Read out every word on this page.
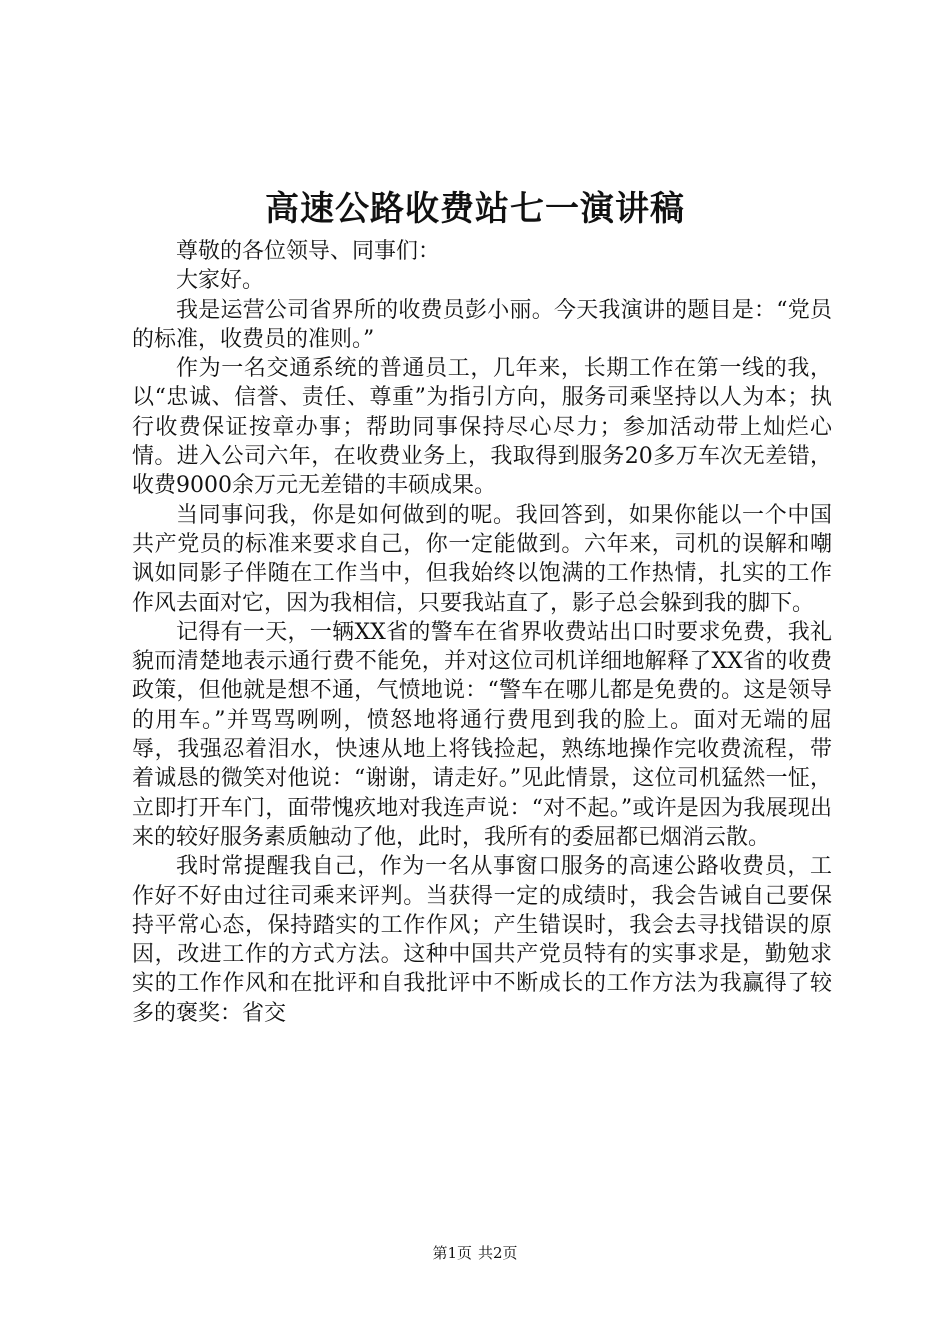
高速公路收费站七一演讲稿

尊敬的各位领导、同事们：

大家好。

我是运营公司省界所的收费员彭小丽。今天我演讲的题目是：“党员的标准，收费员的准则。”

作为一名交通系统的普通员工，几年来，长期工作在第一线的我，以“忠诚、信誉、责任、尊重”为指引方向，服务司乘坚持以人为本；执行收费保证按章办事；帮助同事保持尽心尽力；参加活动带上灿烂心情。进入公司六年，在收费业务上，我取得到服务20多万车次无差错，收费9000余万元无差错的丰硕成果。

当同事问我，你是如何做到的呢。我回答到，如果你能以一个中国共产党员的标准来要求自己，你一定能做到。六年来，司机的误解和嘲讽如同影子伴随在工作当中，但我始终以饱满的工作热情，扎实的工作作风去面对它，因为我相信，只要我站直了，影子总会躲到我的脚下。

记得有一天，一辆XX省的警车在省界收费站出口时要求免费，我礼貌而清楚地表示通行费不能免，并对这位司机详细地解释了XX省的收费政策，但他就是想不通，气愤地说：“警车在哪儿都是免费的。这是领导的用车。”并骂骂咧咧，愤怒地将通行费甩到我的脸上。面对无端的屈辱，我强忍着泪水，快速从地上将钱捡起，熟练地操作完收费流程，带着诚恳的微笑对他说：“谢谢，请走好。”见此情景，这位司机猛然一怔，立即打开车门，面带愧疚地对我连声说：“对不起。”或许是因为我展现出来的较好服务素质触动了他，此时，我所有的委屈都已烟消云散。

我时常提醒我自己，作为一名从事窗口服务的高速公路收费员，工作好不好由过往司乘来评判。当获得一定的成绩时，我会告诫自己要保持平常心态，保持踏实的工作作风；产生错误时，我会去寻找错误的原因，改进工作的方式方法。这种中国共产党员特有的实事求是，勤勉求实的工作作风和在批评和自我批评中不断成长的工作方法为我赢得了较多的褒奖：省交

第1页 共2页
